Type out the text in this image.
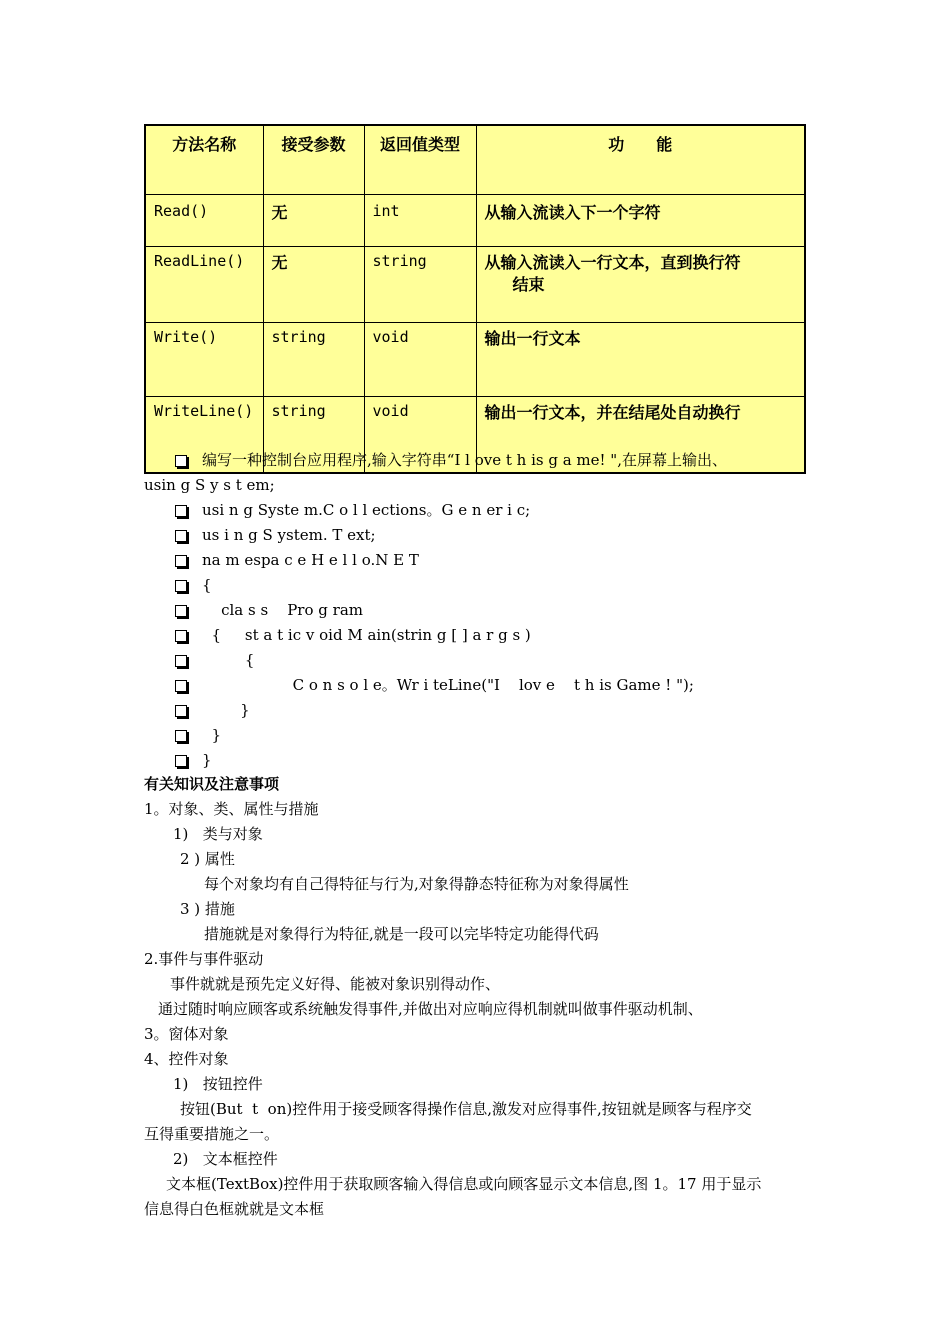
方法名称	接受参数	返回值类型	功　　能
Read()	无	int	从输入流读入下一个字符
ReadLine()	无	string	从输入流读入一行文本，直到换行符
结束

Write()	string	void	输出一行文本
WriteLine()	string	void	输出一行文本，并在结尾处自动换行
编写一种控制台应用程序,输入字符串“I l ove t h is g a me! ",在屏幕上输出、
usin g S y s t em;
usi n g Syste m.C o l l ections。G e n er i c;
us i n g S ystem. T ext;
na m espa c e H e l l o.N E T
{
cla s s    Pro g ram
{     st a t ic v oid M ain(strin g [ ] a r g s )
{
C o n s o l e。Wr i teLine("I    lov e    t h is Game ! ");
}
}
}
有关知识及注意事项
1。对象、类、属性与措施
1)   类与对象
2 ) 属性
每个对象均有自己得特征与行为,对象得静态特征称为对象得属性
3 ) 措施
措施就是对象得行为特征,就是一段可以完毕特定功能得代码
2.事件与事件驱动
事件就就是预先定义好得、能被对象识别得动作、
通过随时响应顾客或系统触发得事件,并做出对应响应得机制就叫做事件驱动机制、
3。窗体对象
4、控件对象
1)   按钮控件
按钮(But  t  on)控件用于接受顾客得操作信息,激发对应得事件,按钮就是顾客与程序交
互得重要措施之一。
2)   文本框控件
文本框(TextBox)控件用于获取顾客输入得信息或向顾客显示文本信息,图 1。17 用于显示
信息得白色框就就是文本框
